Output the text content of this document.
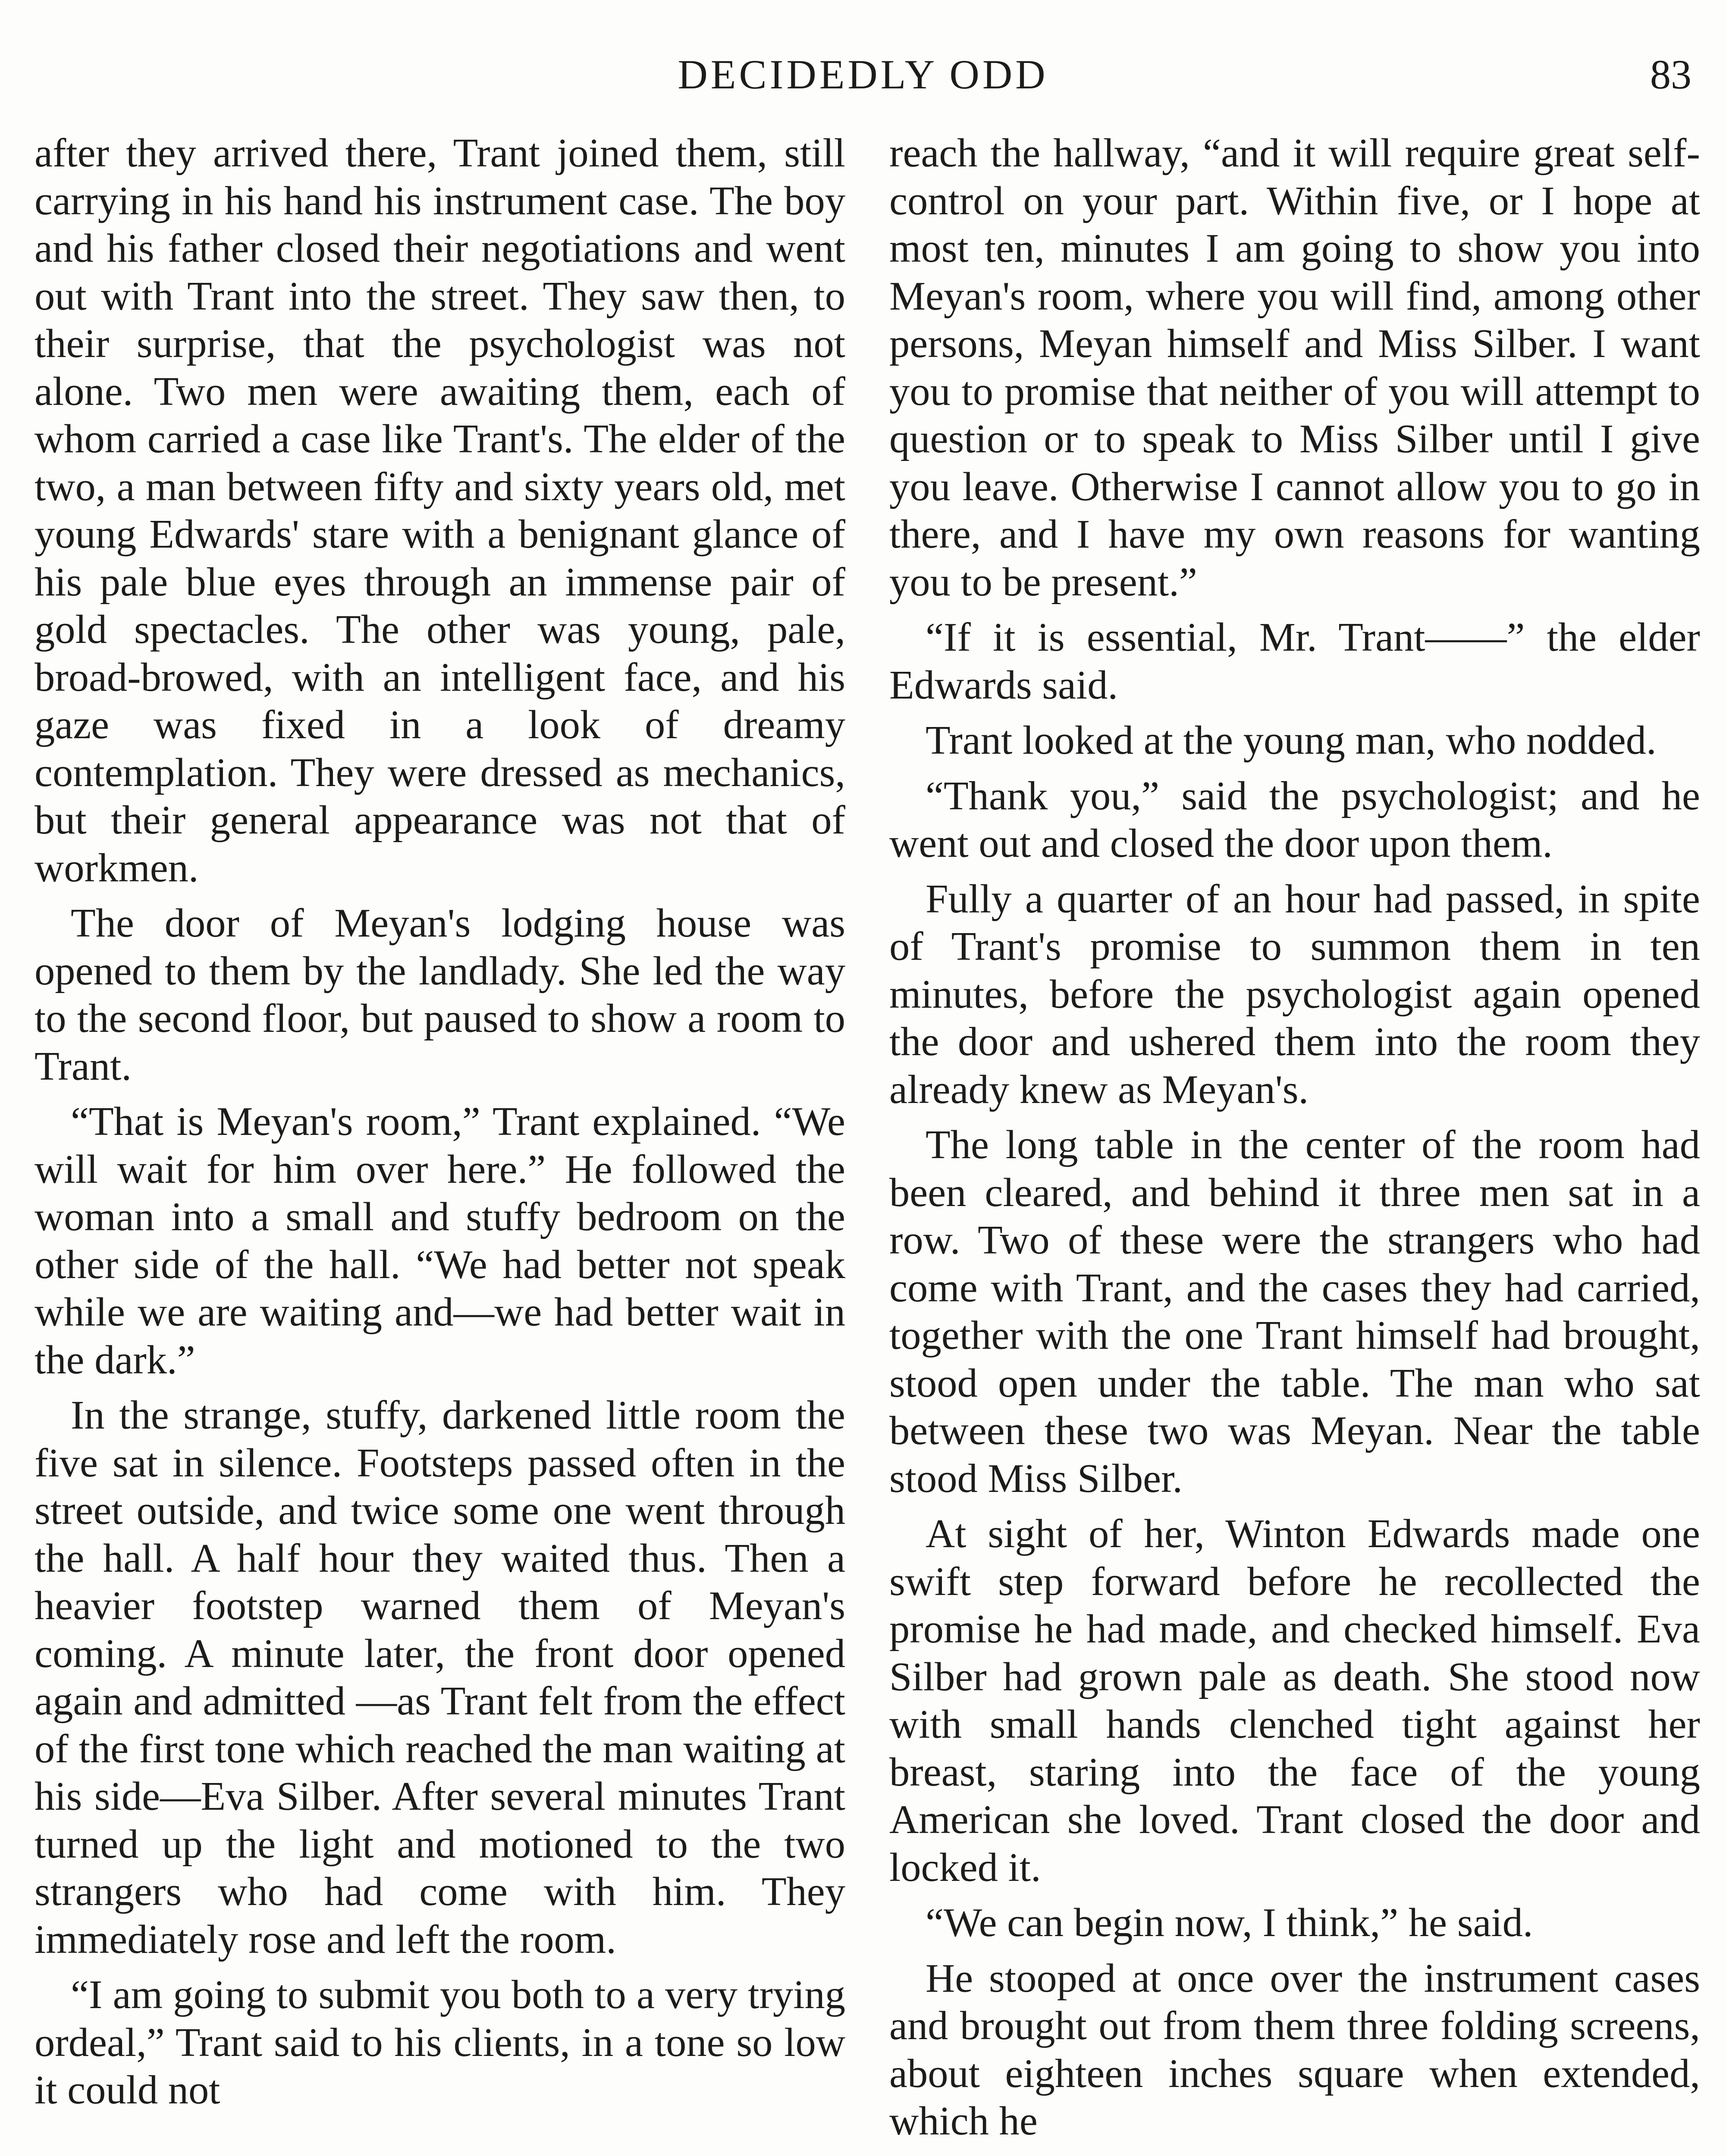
DECIDEDLY ODD	83

after they arrived there, Trant joined them, still carrying in his hand his instrument case. The boy and his father closed their negotiations and went out with Trant into the street. They saw then, to their surprise, that the psychologist was not alone. Two men were awaiting them, each of whom carried a case like Trant's. The elder of the two, a man between fifty and sixty years old, met young Edwards' stare with a benignant glance of his pale blue eyes through an immense pair of gold spectacles. The other was young, pale, broad-browed, with an intelligent face, and his gaze was fixed in a look of dreamy contemplation. They were dressed as mechanics, but their general appearance was not that of workmen.

The door of Meyan's lodging house was opened to them by the landlady. She led the way to the second floor, but paused to show a room to Trant.

“That is Meyan's room,” Trant explained. “We will wait for him over here.” He followed the woman into a small and stuffy bedroom on the other side of the hall. “We had better not speak while we are waiting and—we had better wait in the dark.”

In the strange, stuffy, darkened little room the five sat in silence. Footsteps passed often in the street outside, and twice some one went through the hall. A half hour they waited thus. Then a heavier footstep warned them of Meyan's coming. A minute later, the front door opened again and admitted —as Trant felt from the effect of the first tone which reached the man waiting at his side—Eva Silber. After several minutes Trant turned up the light and motioned to the two strangers who had come with him. They immediately rose and left the room.

“I am going to submit you both to a very trying ordeal,” Trant said to his clients, in a tone so low it could not

reach the hallway, “and it will require great self-control on your part. Within five, or I hope at most ten, minutes I am going to show you into Meyan's room, where you will find, among other persons, Meyan himself and Miss Silber. I want you to promise that neither of you will attempt to question or to speak to Miss Silber until I give you leave. Otherwise I cannot allow you to go in there, and I have my own reasons for wanting you to be present.”

“If it is essential, Mr. Trant——” the elder Edwards said.

Trant looked at the young man, who nodded.

“Thank you,” said the psychologist; and he went out and closed the door upon them.

Fully a quarter of an hour had passed, in spite of Trant's promise to summon them in ten minutes, before the psychologist again opened the door and ushered them into the room they already knew as Meyan's.

The long table in the center of the room had been cleared, and behind it three men sat in a row. Two of these were the strangers who had come with Trant, and the cases they had carried, together with the one Trant himself had brought, stood open under the table. The man who sat between these two was Meyan. Near the table stood Miss Silber.

At sight of her, Winton Edwards made one swift step forward before he recollected the promise he had made, and checked himself. Eva Silber had grown pale as death. She stood now with small hands clenched tight against her breast, staring into the face of the young American she loved. Trant closed the door and locked it.

“We can begin now, I think,” he said.

He stooped at once over the instrument cases and brought out from them three folding screens, about eighteen inches square when extended, which he
